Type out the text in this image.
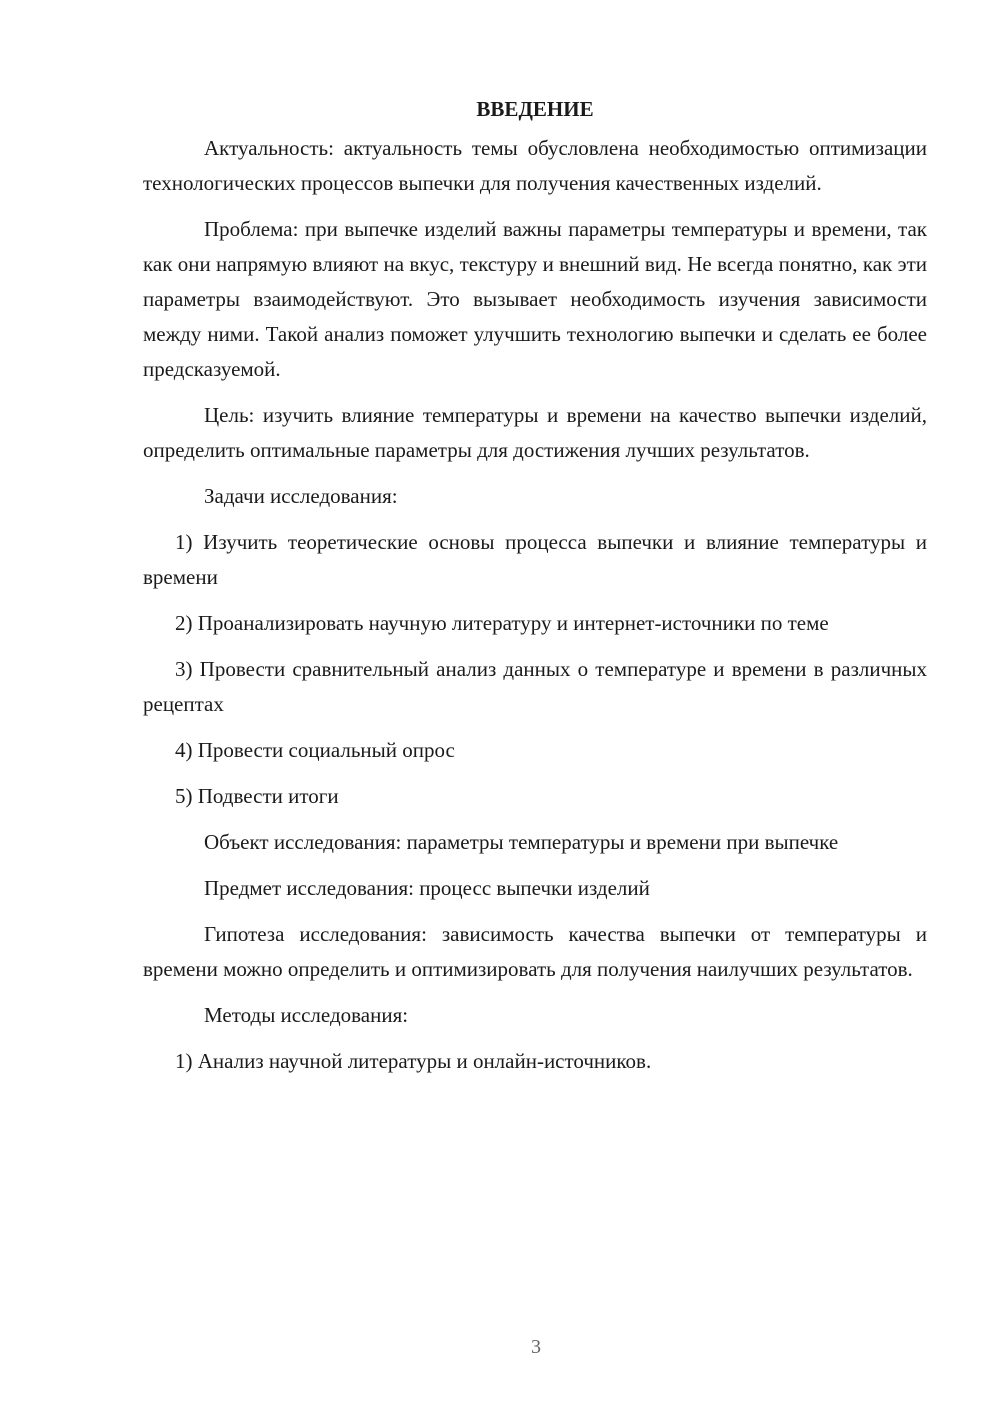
ВВЕДЕНИЕ

Актуальность: актуальность темы обусловлена необходимостью оптимизации технологических процессов выпечки для получения качественных изделий.

Проблема: при выпечке изделий важны параметры температуры и времени, так как они напрямую влияют на вкус, текстуру и внешний вид. Не всегда понятно, как эти параметры взаимодействуют. Это вызывает необходимость изучения зависимости между ними. Такой анализ поможет улучшить технологию выпечки и сделать ее более предсказуемой.

Цель: изучить влияние температуры и времени на качество выпечки изделий, определить оптимальные параметры для достижения лучших результатов.

Задачи исследования:

1) Изучить теоретические основы процесса выпечки и влияние температуры и времени

2) Проанализировать научную литературу и интернет-источники по теме

3) Провести сравнительный анализ данных о температуре и времени в различных рецептах

4) Провести социальный опрос

5) Подвести итоги

Объект исследования: параметры температуры и времени при выпечке

Предмет исследования: процесс выпечки изделий

Гипотеза исследования: зависимость качества выпечки от температуры и времени можно определить и оптимизировать для получения наилучших результатов.

Методы исследования:

1) Анализ научной литературы и онлайн-источников.

3
